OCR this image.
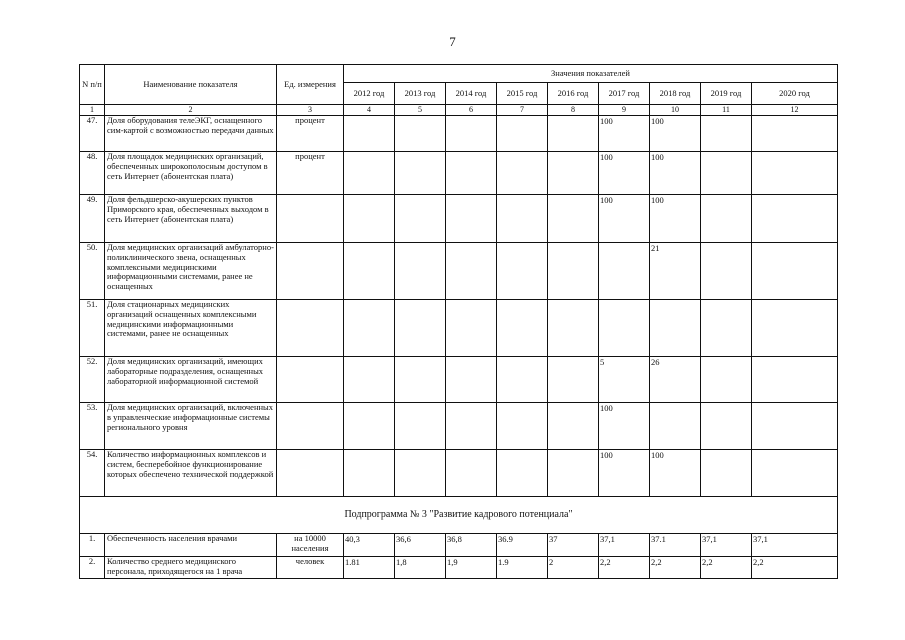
7
N п/п	Наименование показателя	Ед. измерения	Значения показателей								
			2012 год	2013 год	2014 год	2015 год	2016 год	2017 год	2018 год	2019 год	2020 год
1	2	3	4	5	6	7	8	9	10	11	12
47.	Доля оборудования телеЭКГ, оснащенного сим-картой с возможностью передачи данных	процент						100	100		
48.	Доля площадок медицинских организаций, обеспеченных широкополосным доступом в сеть Интернет (абонентская плата)	процент						100	100		
49.	Доля фельдшерско-акушерских пунктов Приморского края, обеспеченных выходом в сеть Интернет (абонентская плата)							100	100		
50.	Доля медицинских организаций амбулаторно-поликлинического звена, оснащенных комплексными медицинскими информационными системами, ранее не оснащенных								21		
51.	Доля стационарных медицинских организаций оснащенных комплексными медицинскими информационными системами, ранее не оснащенных										
52.	Доля медицинских организаций, имеющих лабораторные подразделения, оснащенных лабораторной информационной системой							5	26		
53.	Доля медицинских организаций, включенных в управленческие информационные системы регионального уровня							100			
54.	Количество информационных комплексов и систем, бесперебойное функционирование которых обеспечено технической поддержкой							100	100		
Подпрограмма № 3 "Развитие кадрового потенциала"											
1.	Обеспеченность населения врачами	на 10000 населения	40,3	36,6	36,8	36.9	37	37,1	37.1	37,1	37,1
2.	Количество среднего медицинского персонала, приходящегося на 1 врача	человек	1.81	1,8	1,9	1.9	2	2,2	2,2	2,2	2,2
